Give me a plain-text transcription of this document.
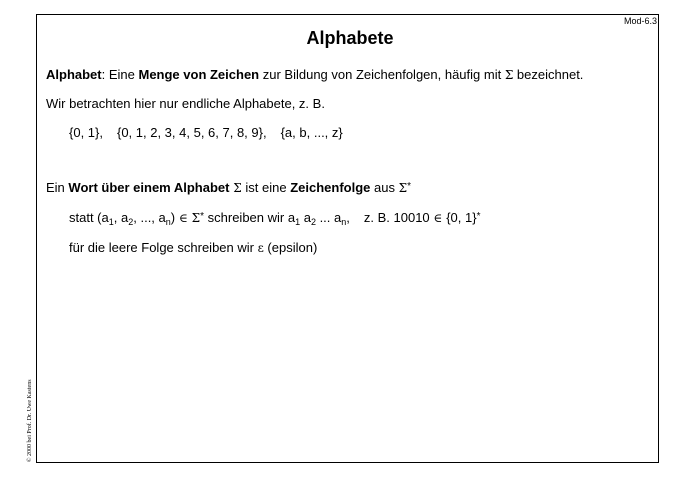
Mod-6.3
Alphabete
Alphabet: Eine Menge von Zeichen zur Bildung von Zeichenfolgen, häufig mit Σ bezeichnet.
Wir betrachten hier nur endliche Alphabete, z. B.
{0, 1}, {0, 1, 2, 3, 4, 5, 6, 7, 8, 9}, {a, b, ..., z}
Ein Wort über einem Alphabet Σ ist eine Zeichenfolge aus Σ*
statt ($a_1$, $a_2$, ..., $a_n$) ∈ Σ* schreiben wir $a_1$ $a_2$ ... $a_n$, z. B. 10010 ∈ {0, 1}*
für die leere Folge schreiben wir ε (epsilon)
© 2000 bei Prof. Dr. Uwe Kastens
